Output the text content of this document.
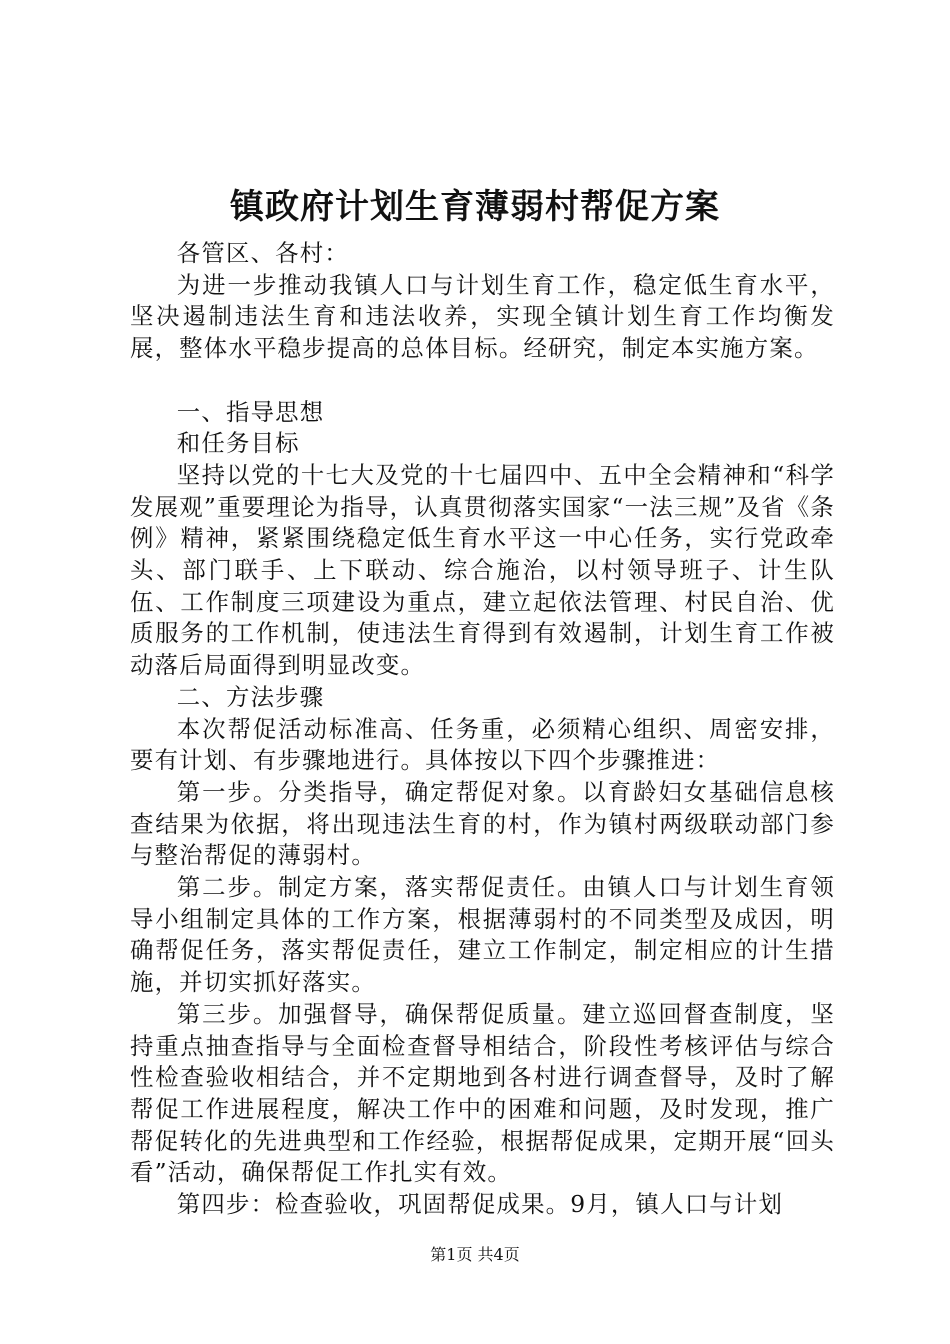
镇政府计划生育薄弱村帮促方案

各管区、各村：

为进一步推动我镇人口与计划生育工作，稳定低生育水平，坚决遏制违法生育和违法收养，实现全镇计划生育工作均衡发展，整体水平稳步提高的总体目标。经研究，制定本实施方案。

一、指导思想

和任务目标

坚持以党的十七大及党的十七届四中、五中全会精神和“科学发展观”重要理论为指导，认真贯彻落实国家“一法三规”及省《条例》精神，紧紧围绕稳定低生育水平这一中心任务，实行党政牵头、部门联手、上下联动、综合施治，以村领导班子、计生队伍、工作制度三项建设为重点，建立起依法管理、村民自治、优质服务的工作机制，使违法生育得到有效遏制，计划生育工作被动落后局面得到明显改变。

二、方法步骤

本次帮促活动标准高、任务重，必须精心组织、周密安排，要有计划、有步骤地进行。具体按以下四个步骤推进：

第一步。分类指导，确定帮促对象。以育龄妇女基础信息核查结果为依据，将出现违法生育的村，作为镇村两级联动部门参与整治帮促的薄弱村。

第二步。制定方案，落实帮促责任。由镇人口与计划生育领导小组制定具体的工作方案，根据薄弱村的不同类型及成因，明确帮促任务，落实帮促责任，建立工作制定，制定相应的计生措施，并切实抓好落实。

第三步。加强督导，确保帮促质量。建立巡回督查制度，坚持重点抽查指导与全面检查督导相结合，阶段性考核评估与综合性检查验收相结合，并不定期地到各村进行调查督导，及时了解帮促工作进展程度，解决工作中的困难和问题，及时发现，推广帮促转化的先进典型和工作经验，根据帮促成果，定期开展“回头看”活动，确保帮促工作扎实有效。

第四步：检查验收，巩固帮促成果。9月，镇人口与计划

第1页 共4页
